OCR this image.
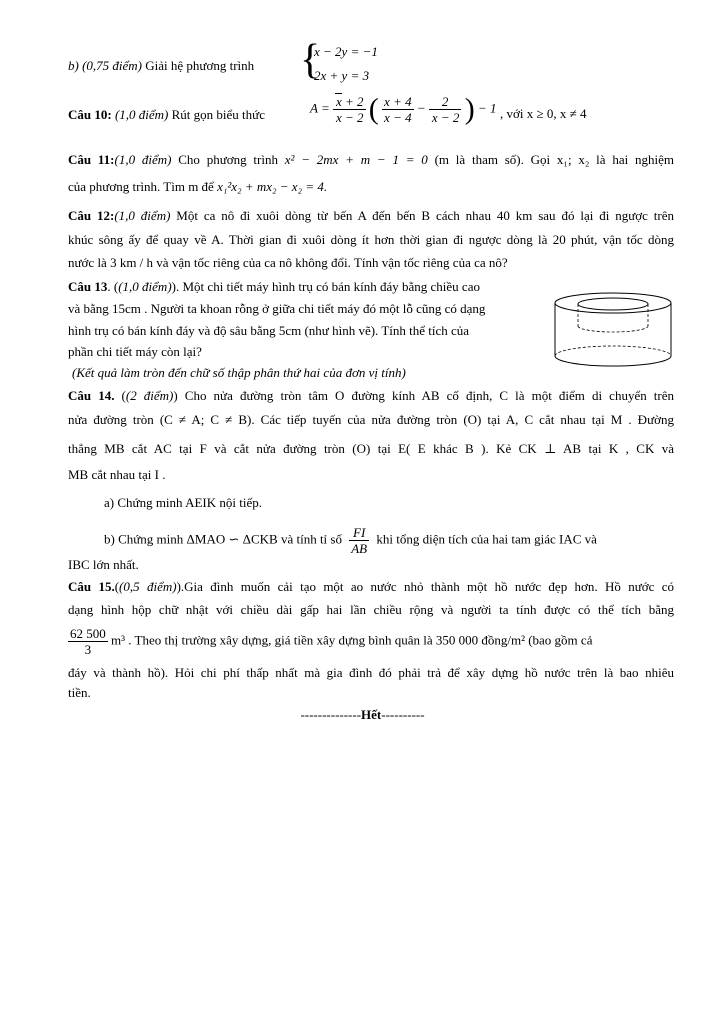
b) (0,75 điểm) Giải hệ phương trình	{
x − 2y = −1
2x + y = 3
Câu 10: (1,0 điểm) Rút gọn biểu thức	$A = \frac{x + 2}{x - 2}$ ( $\frac{x + 4}{x - 4} - \frac{2}{x - 2}$ ) − 1 , với x ≥ 0, x ≠ 4
Câu 11:(1,0 điểm) Cho phương trình x² − 2mx + m − 1 = 0 (m là tham số). Gọi x₁; x₂ là hai nghiệm
của phương trình. Tìm m để x₁²x₂ + mx₂ − x₂ = 4.
Câu 12:(1,0 điểm) Một ca nô đi xuôi dòng từ bến A đến bến B cách nhau 40 km sau đó lại đi ngược trên
khúc sông ấy để quay về A. Thời gian đi xuôi dòng ít hơn thời gian đi ngược dòng là 20 phút, vận tốc dòng
nước là 3 km / h và vận tốc riêng của ca nô không đổi. Tính vận tốc riêng của ca nô?
Câu 13. ((1,0 điểm)). Một chi tiết máy hình trụ có bán kính đáy bằng chiều cao
và bằng 15cm . Người ta khoan rỗng ở giữa chi tiết máy đó một lỗ cũng có dạng
hình trụ có bán kính đáy và độ sâu bằng 5cm (như hình vẽ). Tính thể tích của
phần chi tiết máy còn lại?
(Kết quả làm tròn đến chữ số thập phân thứ hai của đơn vị tính)
Câu 14. ((2 điểm)) Cho nửa đường tròn tâm O đường kính AB cố định, C là một điểm di chuyển trên
nửa đường tròn (C ≠ A; C ≠ B). Các tiếp tuyến của nửa đường tròn (O) tại A, C cắt nhau tại M . Đường
thẳng MB cắt AC tại F và cắt nửa đường tròn (O) tại E( E khác B ). Kẻ CK ⊥ AB tại K , CK và
MB cắt nhau tại I .
a) Chứng minh AEIK nội tiếp.
b) Chứng minh ΔMAO ∽ ΔCKB và tính tỉ số $\frac{FI}{AB}$ khi tổng diện tích của hai tam giác IAC và
IBC lớn nhất.
Câu 15.((0,5 điểm)).Gia đình muốn cải tạo một ao nước nhỏ thành một hồ nước đẹp hơn. Hồ nước có
dạng hình hộp chữ nhật với chiều dài gấp hai lần chiều rộng và người ta tính được có thể tích bằng
$\frac{62 500}{3} m^3$ . Theo thị trường xây dựng, giá tiền xây dựng bình quân là 350 000 đồng/m² (bao gồm cả
đáy và thành hồ). Hỏi chi phí thấp nhất mà gia đình đó phải trả để xây dựng hồ nước trên là bao nhiêu
tiền.
--------------Hết----------
